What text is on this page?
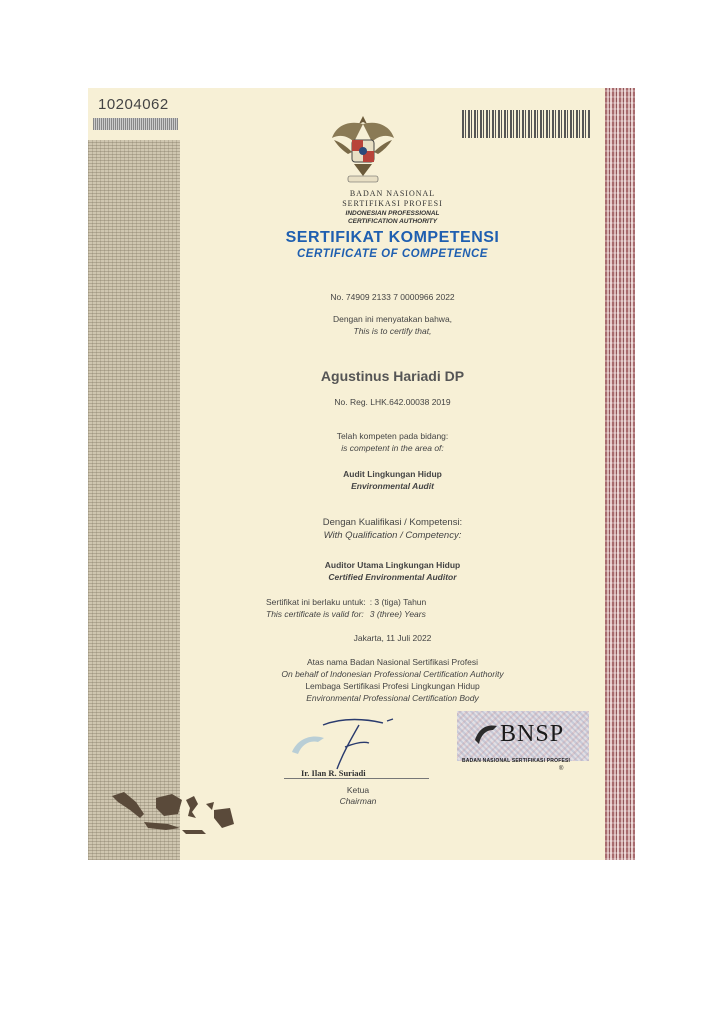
10204062
BADAN NASIONAL
SERTIFIKASI PROFESI
INDONESIAN PROFESSIONAL
CERTIFICATION AUTHORITY
SERTIFIKAT KOMPETENSI
CERTIFICATE OF COMPETENCE
No. 74909 2133 7 0000966 2022
Dengan ini menyatakan bahwa,
This is to certify that,
Agustinus Hariadi DP
No. Reg. LHK.642.00038 2019
Telah kompeten pada bidang:
is competent in the area of:
Audit Lingkungan Hidup
Environmental Audit
Dengan Kualifikasi / Kompetensi:
With Qualification / Competency:
Auditor Utama Lingkungan Hidup
Certified Environmental Auditor
Sertifikat ini berlaku untuk: : 3 (tiga) Tahun
This certificate is valid for: 3 (three) Years
Jakarta, 11 Juli 2022
Atas nama Badan Nasional Sertifikasi Profesi
On behalf of Indonesian Professional Certification Authority
Lembaga Sertifikasi Profesi Lingkungan Hidup
Environmental Professional Certification Body
Ir. Ilan R. Suriadi
Ketua
Chairman
BNSP
BADAN NASIONAL SERTIFIKASI PROFESI
®
